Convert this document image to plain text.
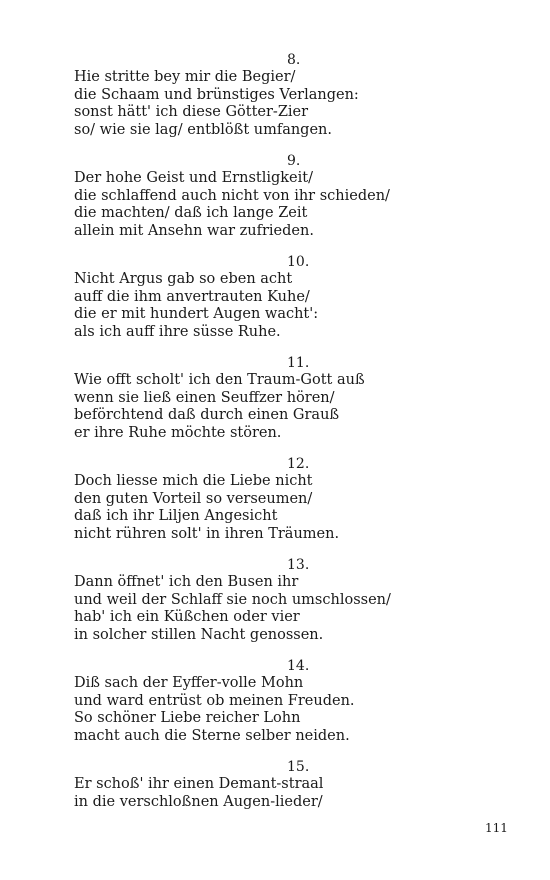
8.
Hie stritte bey mir die Begier/
die Schaam und brünstiges Verlangen:
sonst hätt' ich diese Götter-Zier
so/ wie sie lag/ entblößt umfangen.
9.
Der hohe Geist und Ernstligkeit/
die schlaffend auch nicht von ihr schieden/
die machten/ daß ich lange Zeit
allein mit Ansehn war zufrieden.
10.
Nicht Argus gab so eben acht
auff die ihm anvertrauten Kuhe/
die er mit hundert Augen wacht':
als ich auff ihre süsse Ruhe.
11.
Wie offt scholt' ich den Traum-Gott auß
wenn sie ließ einen Seuffzer hören/
beförchtend daß durch einen Grauß
er ihre Ruhe möchte stören.
12.
Doch liesse mich die Liebe nicht
den guten Vorteil so verseumen/
daß ich ihr Liljen Angesicht
nicht rühren solt' in ihren Träumen.
13.
Dann öffnet' ich den Busen ihr
und weil der Schlaff sie noch umschlossen/
hab' ich ein Küßchen oder vier
in solcher stillen Nacht genossen.
14.
Diß sach der Eyffer-volle Mohn
und ward entrüst ob meinen Freuden.
So schöner Liebe reicher Lohn
macht auch die Sterne selber neiden.
15.
Er schoß' ihr einen Demant-straal
in die verschloßnen Augen-lieder/
111
